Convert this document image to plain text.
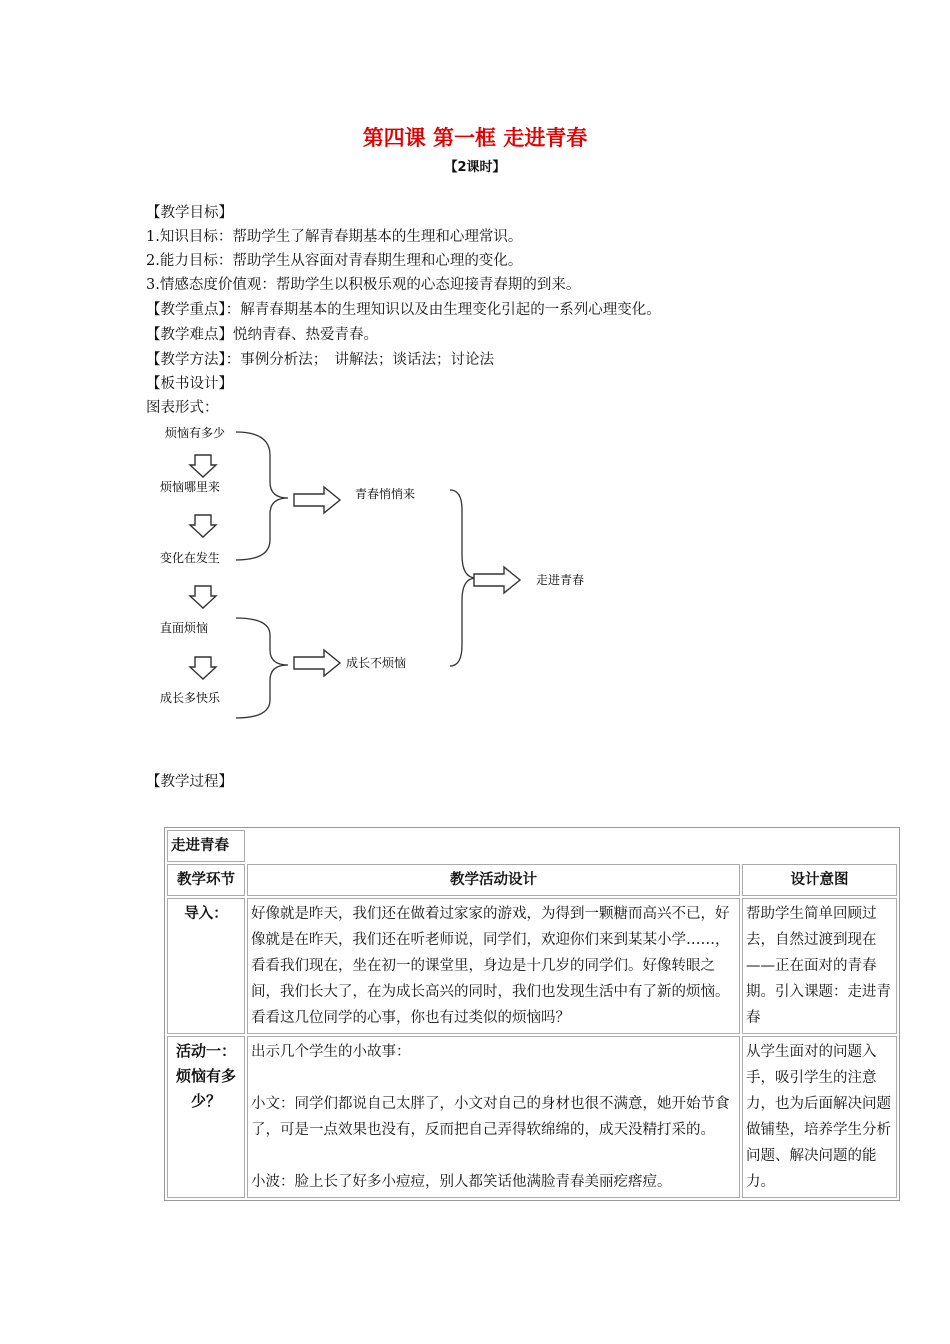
第四课 第一框 走进青春
【2课时】
【教学目标】
1.知识目标：帮助学生了解青春期基本的生理和心理常识。
2.能力目标：帮助学生从容面对青春期生理和心理的变化。
3.情感态度价值观：帮助学生以积极乐观的心态迎接青春期的到来。
【教学重点】：解青春期基本的生理知识以及由生理变化引起的一系列心理变化。
【教学难点】悦纳青春、热爱青春。
【教学方法】：事例分析法；　讲解法；谈话法；讨论法
【板书设计】
图表形式：
烦恼有多少
烦恼哪里来
变化在发生
直面烦恼
成长多快乐
青春悄悄来
成长不烦恼
走进青春
【教学过程】
走进青春		
教学环节	教学活动设计	设计意图
导入：	好像就是昨天，我们还在做着过家家的游戏，为得到一颗糖而高兴不已，好像就是在昨天，我们还在听老师说，同学们，欢迎你们来到某某小学……，看看我们现在，坐在初一的课堂里，身边是十几岁的同学们。好像转眼之间，我们长大了，在为成长高兴的同时，我们也发现生活中有了新的烦恼。看看这几位同学的心事，你也有过类似的烦恼吗？	帮助学生简单回顾过去，自然过渡到现在——正在面对的青春期。引入课题：走进青春
活动一：烦恼有多少？	出示几个学生的小故事：

小文：同学们都说自己太胖了，小文对自己的身材也很不满意，她开始节食了，可是一点效果也没有，反而把自己弄得软绵绵的，成天没精打采的。

小波：脸上长了好多小痘痘，别人都笑话他满脸青春美丽疙瘩痘。	从学生面对的问题入手，吸引学生的注意力，也为后面解决问题做铺垫，培养学生分析问题、解决问题的能力。
